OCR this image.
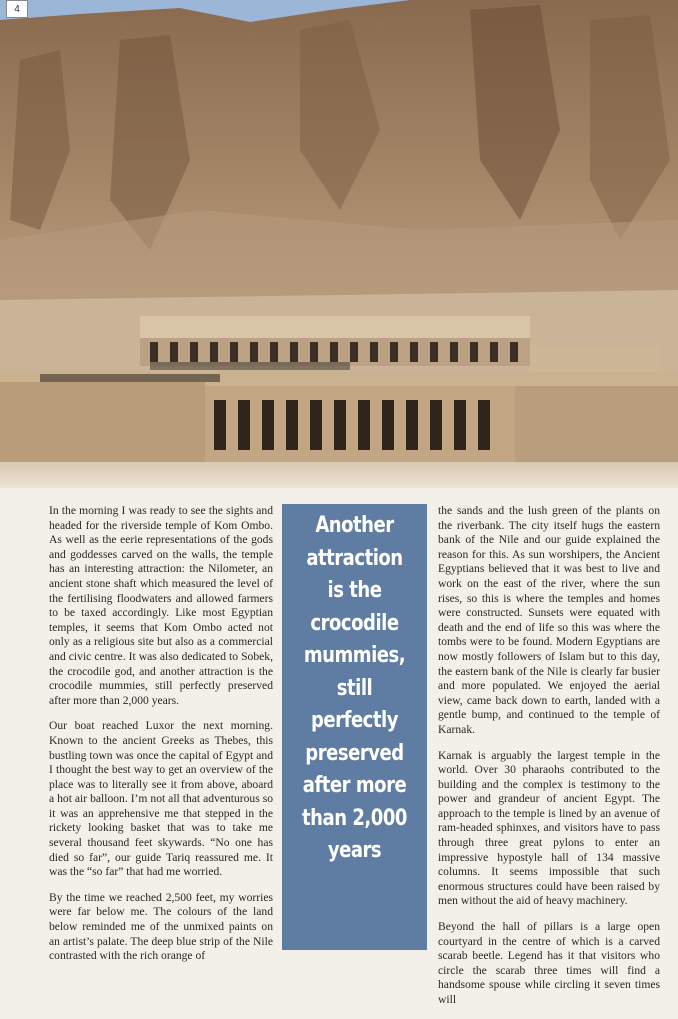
4

In the morning I was ready to see the sights and headed for the riverside temple of Kom Ombo. As well as the eerie representations of the gods and goddesses carved on the walls, the temple has an interesting attraction: the Nilometer, an ancient stone shaft which measured the level of the fertilising floodwaters and allowed farmers to be taxed accordingly. Like most Egyptian temples, it seems that Kom Ombo acted not only as a religious site but also as a commercial and civic centre. It was also dedicated to Sobek, the crocodile god, and another attraction is the crocodile mummies, still perfectly preserved after more than 2,000 years.

Our boat reached Luxor the next morning. Known to the ancient Greeks as Thebes, this bustling town was once the capital of Egypt and I thought the best way to get an overview of the place was to literally see it from above, aboard a hot air balloon. I’m not all that adventurous so it was an apprehensive me that stepped in the rickety looking basket that was to take me several thousand feet skywards. “No one has died so far”, our guide Tariq reassured me. It was the “so far” that had me worried.

By the time we reached 2,500 feet, my worries were far below me. The colours of the land below reminded me of the unmixed paints on an artist’s palate. The deep blue strip of the Nile contrasted with the rich orange of

Another attraction is the crocodile mummies, still perfectly preserved after more than 2,000 years

the sands and the lush green of the plants on the riverbank. The city itself hugs the eastern bank of the Nile and our guide explained the reason for this. As sun worshipers, the Ancient Egyptians believed that it was best to live and work on the east of the river, where the sun rises, so this is where the temples and homes were constructed. Sunsets were equated with death and the end of life so this was where the tombs were to be found. Modern Egyptians are now mostly followers of Islam but to this day, the eastern bank of the Nile is clearly far busier and more populated. We enjoyed the aerial view, came back down to earth, landed with a gentle bump, and continued to the temple of Karnak.

Karnak is arguably the largest temple in the world. Over 30 pharaohs contributed to the building and the complex is testimony to the power and grandeur of ancient Egypt. The approach to the temple is lined by an avenue of ram-headed sphinxes, and visitors have to pass through three great pylons to enter an impressive hypostyle hall of 134 massive columns. It seems impossible that such enormous structures could have been raised by men without the aid of heavy machinery.

Beyond the hall of pillars is a large open courtyard in the centre of which is a carved scarab beetle. Legend has it that visitors who circle the scarab three times will find a handsome spouse while circling it seven times will
